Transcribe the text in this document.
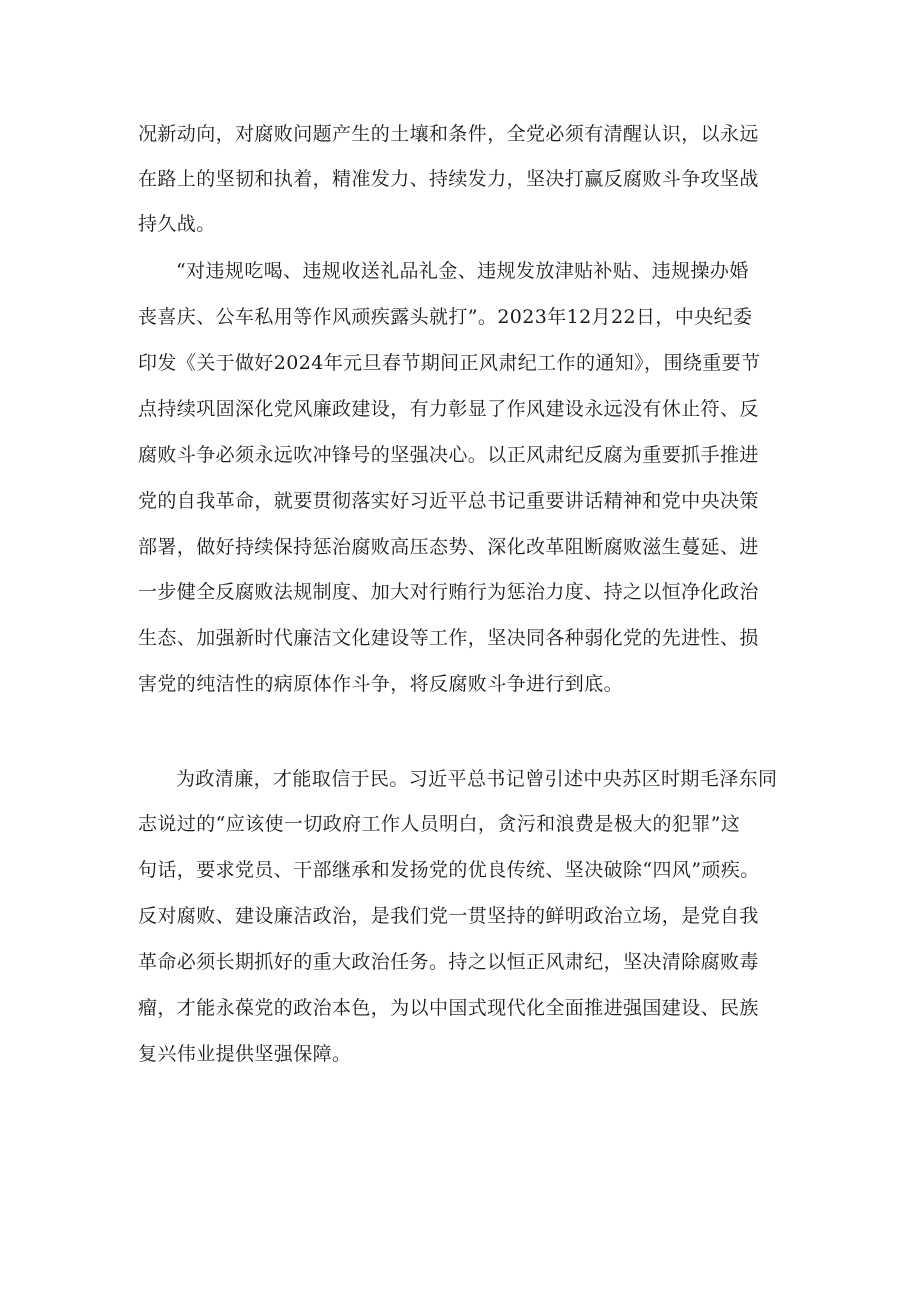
况新动向，对腐败问题产生的土壤和条件，全党必须有清醒认识，以永远
在路上的坚韧和执着，精准发力、持续发力，坚决打赢反腐败斗争攻坚战
持久战。
“对违规吃喝、违规收送礼品礼金、违规发放津贴补贴、违规操办婚
丧喜庆、公车私用等作风顽疾露头就打”。2023年12月22日，中央纪委
印发《关于做好2024年元旦春节期间正风肃纪工作的通知》，围绕重要节
点持续巩固深化党风廉政建设，有力彰显了作风建设永远没有休止符、反
腐败斗争必须永远吹冲锋号的坚强决心。以正风肃纪反腐为重要抓手推进
党的自我革命，就要贯彻落实好习近平总书记重要讲话精神和党中央决策
部署，做好持续保持惩治腐败高压态势、深化改革阻断腐败滋生蔓延、进
一步健全反腐败法规制度、加大对行贿行为惩治力度、持之以恒净化政治
生态、加强新时代廉洁文化建设等工作，坚决同各种弱化党的先进性、损
害党的纯洁性的病原体作斗争，将反腐败斗争进行到底。
为政清廉，才能取信于民。习近平总书记曾引述中央苏区时期毛泽东同
志说过的“应该使一切政府工作人员明白，贪污和浪费是极大的犯罪”这
句话，要求党员、干部继承和发扬党的优良传统、坚决破除“四风”顽疾。
反对腐败、建设廉洁政治，是我们党一贯坚持的鲜明政治立场，是党自我
革命必须长期抓好的重大政治任务。持之以恒正风肃纪，坚决清除腐败毒
瘤，才能永葆党的政治本色，为以中国式现代化全面推进强国建设、民族
复兴伟业提供坚强保障。
